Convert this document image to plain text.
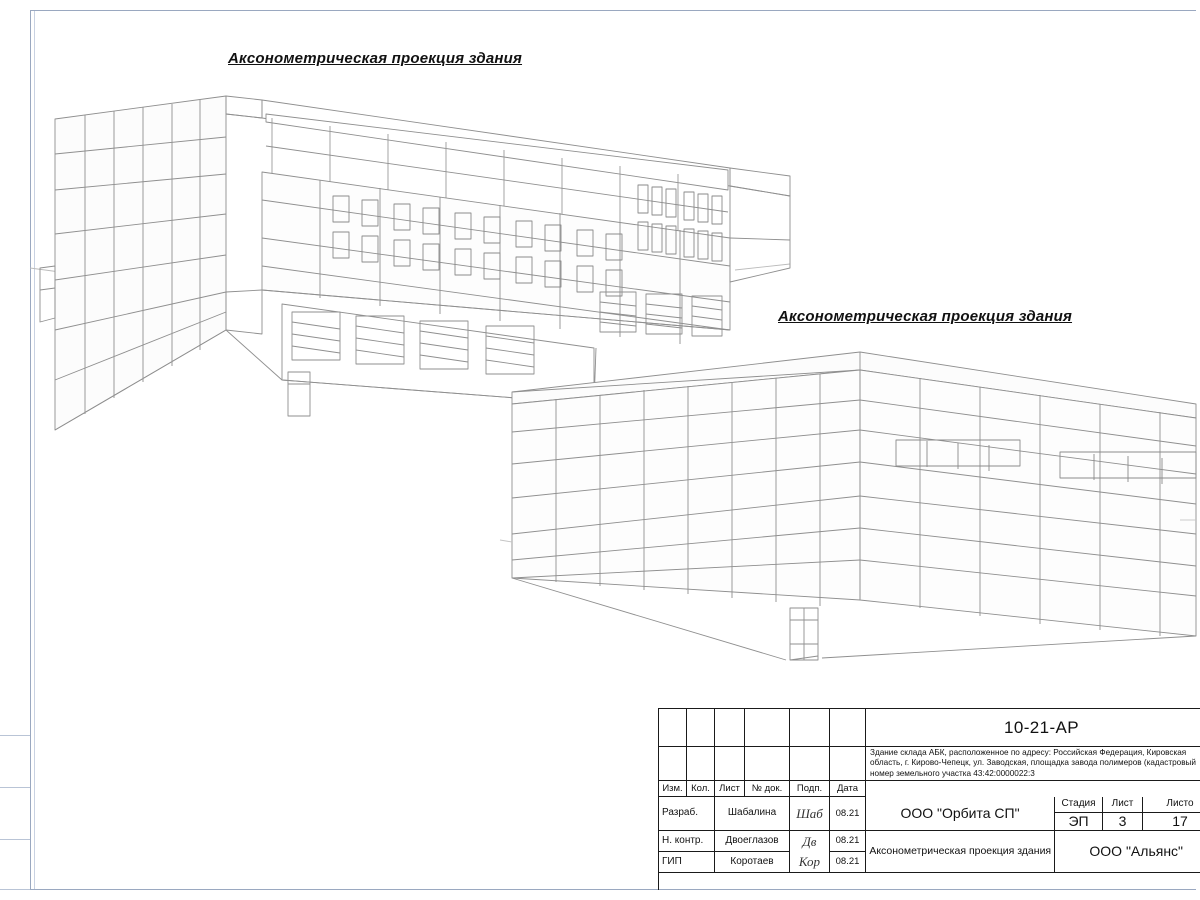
Аксонометрическая проекция здания
Аксонометрическая проекция здания
10-21-АР
Здание склада АБК, расположенное по адресу: Российская Федерация, Кировская область, г. Кирово-Чепецк, ул. Заводская, площадка завода полимеров (кадастровый номер земельного участка 43:42:0000022:3
Изм. Кол. Лист	№ док.	Подп.	Дата
Разраб.	Шабалина	Шаб	08.21	ООО "Орбита СП"
Стадия	Лист	Листо
ЭП	3	17
Н. контр.	Двоеглазов	Дв	08.21
ГИП	Коротаев	Кор	08.21
Аксонометрическая проекция здания	ООО "Альянс"
